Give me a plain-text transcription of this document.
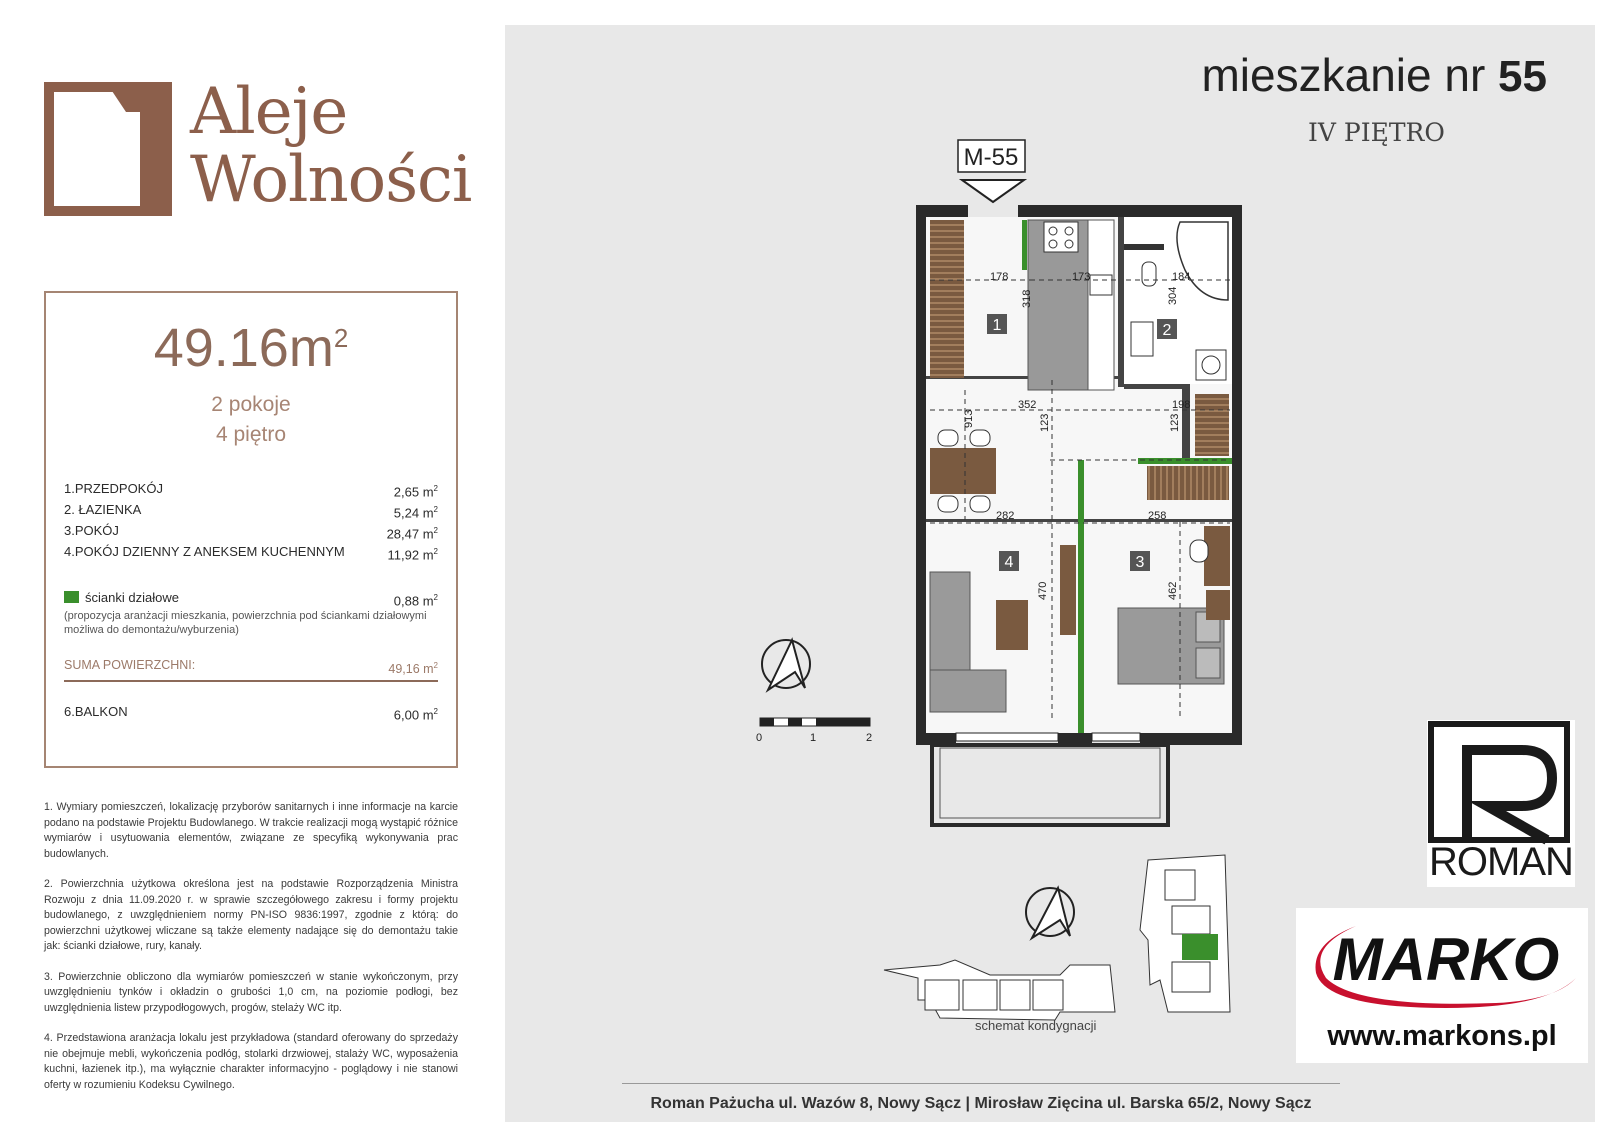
Aleje
Wolności
$49.16m^2$
2 pokoje
4 piętro
1.PRZEDPOKÓJ	2,65 $m^2$
2. ŁAZIENKA	5,24 $m^2$
3.POKÓJ	28,47 $m^2$
4.POKÓJ DZIENNY Z ANEKSEM KUCHENNYM	11,92 $m^2$
ścianki działowe	0,88 $m^2$
(propozycja aranżacji mieszkania, powierzchnia pod ściankami działowymi możliwa do demontażu/wyburzenia)
SUMA POWIERZCHNI:	49,16 $m^2$
6.BALKON	6,00 $m^2$

1. Wymiary pomieszczeń, lokalizację przyborów sanitarnych i inne informacje na karcie podano na podstawie Projektu Budowlanego. W trakcie realizacji mogą wystąpić różnice wymiarów i usytuowania elementów, związane ze specyfiką wykonywania prac budowlanych.

2. Powierzchnia użytkowa określona jest na podstawie Rozporządzenia Ministra Rozwoju z dnia 11.09.2020 r. w sprawie szczegółowego zakresu i formy projektu budowlanego, z uwzględnieniem normy PN-ISO 9836:1997, zgodnie z którą: do powierzchni użytkowej wliczane są także elementy nadające się do demontażu takie jak: ścianki działowe, rury, kanały.

3. Powierzchnie obliczono dla wymiarów pomieszczeń w stanie wykończonym, przy uwzględnieniu tynków i okładzin o grubości 1,0 cm, na poziomie podłogi, bez uwzględnienia listew przypodłogowych, progów, stelaży WC itp.

4. Przedstawiona aranżacja lokalu jest przykładowa (standard oferowany do sprzedaży nie obejmuje mebli, wykończenia podłóg, stolarki drzwiowej, stalaży WC, wyposażenia kuchni, łazienek itp.), ma wyłącznie charakter informacyjno - poglądowy i nie stanowi oferty w rozumieniu Kodeksu Cywilnego.

mieszkanie nr 55
IV PIĘTRO
M-55
178	173	184
318	304
352	198
913	123	123
282	258
470	462
1	2
3
4
0	1	2
schemat kondygnacji
ROMAN
MARKO
www.markons.pl
Roman Pażucha ul. Wazów 8, Nowy Sącz | Mirosław Zięcina ul. Barska 65/2, Nowy Sącz
